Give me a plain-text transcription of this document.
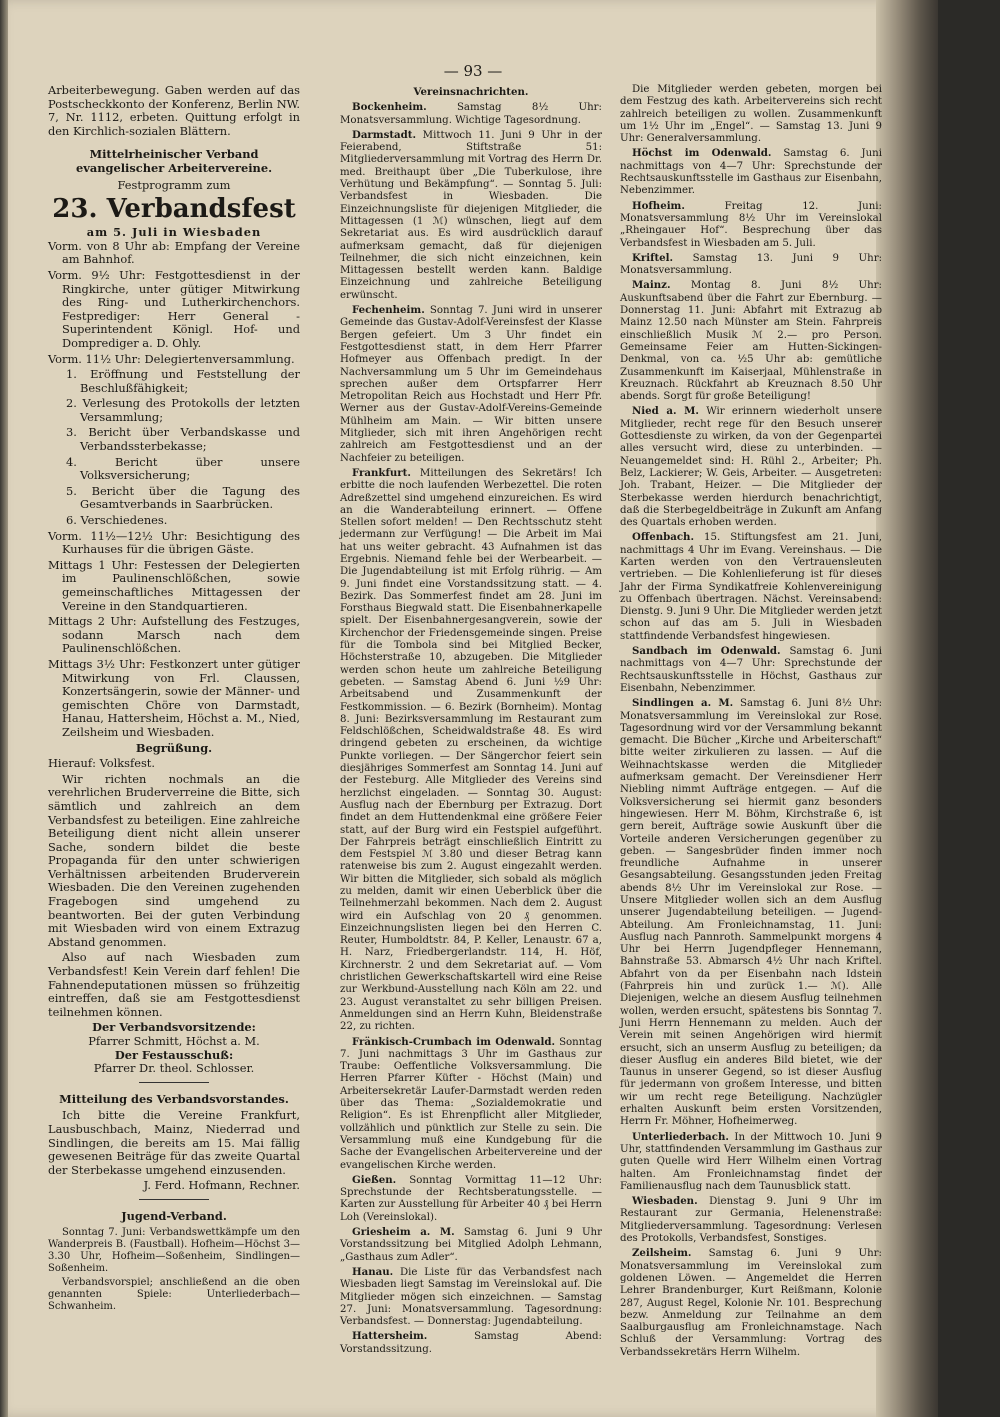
— 93 —

Arbeiterbewegung. Gaben werden auf das Postscheckkonto der Konferenz, Berlin NW. 7, Nr. 1112, erbeten. Quittung erfolgt in den Kirchlich-sozialen Blättern.

Mittelrheinischer Verband evangelischer Arbeitervereine.
Festprogramm zum
23. Verbandsfest
am 5. Juli in Wiesbaden

Vorm. von 8 Uhr ab: Empfang der Vereine am Bahnhof.

Vorm. 9½ Uhr: Festgottesdienst in der Ringkirche, unter gütiger Mitwirkung des Ring- und Lutherkirchenchors. Festprediger: Herr General - Superintendent Königl. Hof- und Domprediger a. D. Ohly.

Vorm. 11½ Uhr: Delegiertenversammlung.

1. Eröffnung und Feststellung der Beschlußfähigkeit;

2. Verlesung des Protokolls der letzten Versammlung;

3. Bericht über Verbandskasse und Verbandssterbekasse;

4. Bericht über unsere Volksversicherung;

5. Bericht über die Tagung des Gesamtverbands in Saarbrücken.

6. Verschiedenes.

Vorm. 11½—12½ Uhr: Besichtigung des Kurhauses für die übrigen Gäste.

Mittags 1 Uhr: Festessen der Delegierten im Paulinenschlößchen, sowie gemeinschaftliches Mittagessen der Vereine in den Standquartieren.

Mittags 2 Uhr: Aufstellung des Festzuges, sodann Marsch nach dem Paulinenschlößchen.

Mittags 3½ Uhr: Festkonzert unter gütiger Mitwirkung von Frl. Claussen, Konzertsängerin, sowie der Männer- und gemischten Chöre von Darmstadt, Hanau, Hattersheim, Höchst a. M., Nied, Zeilsheim und Wiesbaden.

Begrüßung.

Hierauf: Volksfest.

Wir richten nochmals an die verehrlichen Bruderverreine die Bitte, sich sämtlich und zahlreich an dem Verbandsfest zu beteiligen. Eine zahlreiche Beteiligung dient nicht allein unserer Sache, sondern bildet die beste Propaganda für den unter schwierigen Verhältnissen arbeitenden Bruderverein Wiesbaden. Die den Vereinen zugehenden Fragebogen sind umgehend zu beantworten. Bei der guten Verbindung mit Wiesbaden wird von einem Extrazug Abstand genommen.

Also auf nach Wiesbaden zum Verbandsfest! Kein Verein darf fehlen! Die Fahnendeputationen müssen so frühzeitig eintreffen, daß sie am Festgottesdienst teilnehmen können.

Der Verbandsvorsitzende:
Pfarrer Schmitt, Höchst a. M.
Der Festausschuß:
Pfarrer Dr. theol. Schlosser.
Mitteilung des Verbandsvorstandes.

Ich bitte die Vereine Frankfurt, Lausbuschbach, Mainz, Niederrad und Sindlingen, die bereits am 15. Mai fällig gewesenen Beiträge für das zweite Quartal der Sterbekasse umgehend einzusenden.

J. Ferd. Hofmann, Rechner.

Jugend-Verband.

Sonntag 7. Juni: Verbandswettkämpfe um den Wanderpreis B. (Faustball). Hofheim—Höchst 3—3.30 Uhr, Hofheim—Soßenheim, Sindlingen—Soßenheim.

Verbandsvorspiel; anschließend an die oben genannten Spiele: Unterliederbach—Schwanheim.

Vereinsnachrichten.

Bockenheim.	Samstag 8½ Uhr: Monatsversammlung. Wichtige Tagesordnung.

Darmstadt. Mittwoch 11. Juni 9 Uhr in der Feierabend, Stiftstraße 51: Mitgliederversammlung mit Vortrag des Herrn Dr. med. Breithaupt über „Die Tuberkulose, ihre Verhütung und Bekämpfung“. — Sonntag 5. Juli: Verbandsfest in Wiesbaden. Die Einzeichnungsliste für diejenigen Mitglieder, die Mittagessen (1 ℳ) wünschen, liegt auf dem Sekretariat aus. Es wird ausdrücklich darauf aufmerksam gemacht, daß für diejenigen Teilnehmer, die sich nicht einzeichnen, kein Mittagessen bestellt werden kann. Baldige Einzeichnung und zahlreiche Beteiligung erwünscht.

Fechenheim. Sonntag 7. Juni wird in unserer Gemeinde das Gustav-Adolf-Vereinsfest der Klasse Bergen gefeiert. Um 3 Uhr findet ein Festgottesdienst statt, in dem Herr Pfarrer Hofmeyer aus Offenbach predigt. In der Nachversammlung um 5 Uhr im Gemeindehaus sprechen außer dem Ortspfarrer Herr Metropolitan Reich aus Hochstadt und Herr Pfr. Werner aus der Gustav-Adolf-Vereins-Gemeinde Mühlheim am Main. — Wir bitten unsere Mitglieder, sich mit ihren Angehörigen recht zahlreich am Festgottesdienst und an der Nachfeier zu beteiligen.

Frankfurt. Mitteilungen des Sekretärs! Ich erbitte die noch laufenden Werbezettel. Die roten Adreßzettel sind umgehend einzureichen. Es wird an die Wanderabteilung erinnert. — Offene Stellen sofort melden! — Den Rechtsschutz steht jedermann zur Verfügung! — Die Arbeit im Mai hat uns weiter gebracht. 43 Aufnahmen ist das Ergebnis. Niemand fehle bei der Werbearbeit. — Die Jugendabteilung ist mit Erfolg rührig. — Am 9. Juni findet eine Vorstandssitzung statt. — 4. Bezirk. Das Sommerfest findet am 28. Juni im Forsthaus Biegwald statt. Die Eisenbahnerkapelle spielt. Der Eisenbahnergesangverein, sowie der Kirchenchor der Friedensgemeinde singen. Preise für die Tombola sind bei Mitglied Becker, Höchsterstraße 10, abzugeben. Die Mitglieder werden schon heute um zahlreiche Beteiligung gebeten. — Samstag Abend 6. Juni ½9 Uhr: Arbeitsabend und Zusammenkunft der Festkommission. — 6. Bezirk (Bornheim). Montag 8. Juni: Bezirksversammlung im Restaurant zum Feldschlößchen, Scheidwaldstraße 48. Es wird dringend gebeten zu erscheinen, da wichtige Punkte vorliegen. — Der Sängerchor feiert sein diesjähriges Sommerfest am Sonntag 14. Juni auf der Festeburg. Alle Mitglieder des Vereins sind herzlichst eingeladen. — Sonntag 30. August: Ausflug nach der Ebernburg per Extrazug. Dort findet an dem Huttendenkmal eine größere Feier statt, auf der Burg wird ein Festspiel aufgeführt. Der Fahrpreis beträgt einschließlich Eintritt zu dem Festspiel ℳ 3.80 und dieser Betrag kann ratenweise bis zum 2. August eingezahlt werden. Wir bitten die Mitglieder, sich sobald als möglich zu melden, damit wir einen Ueberblick über die Teilnehmerzahl bekommen. Nach dem 2. August wird ein Aufschlag von 20 ₰ genommen. Einzeichnungslisten liegen bei den Herren C. Reuter, Humboldtstr. 84, P. Keller, Lenaustr. 67 a, H. Narz, Friedbergerlandstr. 114, H. Höf, Kirchnerstr. 2 und dem Sekretariat auf. — Vom christlichen Gewerkschaftskartell wird eine Reise zur Werkbund-Ausstellung nach Köln am 22. und 23. August veranstaltet zu sehr billigen Preisen. Anmeldungen sind an Herrn Kuhn, Bleidenstraße 22, zu richten.

Fränkisch-Crumbach im Odenwald. Sonntag 7. Juni nachmittags 3 Uhr im Gasthaus zur Traube: Oeffentliche Volksversammlung. Die Herren Pfarrer Küfter - Höchst (Main) und Arbeitersekretär Laufer-Darmstadt werden reden über das Thema: „Sozialdemokratie und Religion“. Es ist Ehrenpflicht aller Mitglieder, vollzählich und pünktlich zur Stelle zu sein. Die Versammlung muß eine Kundgebung für die Sache der Evangelischen Arbeitervereine und der evangelischen Kirche werden.

Gießen. Sonntag Vormittag 11—12 Uhr: Sprechstunde der Rechtsberatungsstelle. — Karten zur Ausstellung für Arbeiter 40 ₰ bei Herrn Loh (Vereinslokal).

Griesheim a. M. Samstag 6. Juni 9 Uhr Vorstandssitzung bei Mitglied Adolph Lehmann, „Gasthaus zum Adler“.

Hanau. Die Liste für das Verbandsfest nach Wiesbaden liegt Samstag im Vereinslokal auf. Die Mitglieder mögen sich einzeichnen. — Samstag 27. Juni: Monatsversammlung. Tagesordnung: Verbandsfest. — Donnerstag: Jugendabteilung.

Hattersheim.	Samstag Abend: Vorstandssitzung.

Die Mitglieder werden gebeten, morgen bei dem Festzug des kath. Arbeitervereins sich recht zahlreich beteiligen zu wollen. Zusammenkunft um 1½ Uhr im „Engel“. — Samstag 13. Juni 9 Uhr: Generalversammlung.

Höchst im Odenwald. Samstag 6. Juni nachmittags von 4—7 Uhr: Sprechstunde der Rechtsauskunftsstelle im Gasthaus zur Eisenbahn, Nebenzimmer.

Hofheim.	Freitag 12. Juni: Monatsversammlung 8½ Uhr im Vereinslokal „Rheingauer Hof“. Besprechung über das Verbandsfest in Wiesbaden am 5. Juli.

Kriftel. Samstag 13. Juni 9 Uhr: Monatsversammlung.

Mainz. Montag 8. Juni 8½ Uhr: Auskunftsabend über die Fahrt zur Ebernburg. — Donnerstag 11. Juni: Abfahrt mit Extrazug ab Mainz 12.50 nach Münster am Stein. Fahrpreis einschließlich Musik ℳ 2.— pro Person. Gemeinsame Feier am Hutten-Sickingen-Denkmal, von ca. ½5 Uhr ab: gemütliche Zusammenkunft im Kaiserjaal, Mühlenstraße in Kreuznach. Rückfahrt ab Kreuznach 8.50 Uhr abends. Sorgt für große Beteiligung!

Nied a. M. Wir erinnern wiederholt unsere Mitglieder, recht rege für den Besuch unserer Gottesdienste zu wirken, da von der Gegenpartei alles versucht wird, diese zu unterbinden. — Neuangemeldet sind: H. Rühl 2., Arbeiter; Ph. Belz, Lackierer; W. Geis, Arbeiter. — Ausgetreten: Joh. Trabant, Heizer. — Die Mitglieder der Sterbekasse werden hierdurch benachrichtigt, daß die Sterbegeldbeiträge in Zukunft am Anfang des Quartals erhoben werden.

Offenbach. 15. Stiftungsfest am 21. Juni, nachmittags 4 Uhr im Evang. Vereinshaus. — Die Karten werden von den Vertrauensleuten vertrieben. — Die Kohlenlieferung ist für dieses Jahr der Firma Syndikatfreie Kohlenvereinigung zu Offenbach übertragen. Nächst. Vereinsabend: Dienstg. 9. Juni 9 Uhr. Die Mitglieder werden jetzt schon auf das am 5. Juli in Wiesbaden stattfindende Verbandsfest hingewiesen.

Sandbach im Odenwald. Samstag 6. Juni nachmittags von 4—7 Uhr: Sprechstunde der Rechtsauskunftsstelle in Höchst, Gasthaus zur Eisenbahn, Nebenzimmer.

Sindlingen a. M. Samstag 6. Juni 8½ Uhr: Monatsversammlung im Vereinslokal zur Rose. Tagesordnung wird vor der Versammlung bekannt gemacht. Die Bücher „Kirche und Arbeiterschaft“ bitte weiter zirkulieren zu lassen. — Auf die Weihnachtskasse werden die Mitglieder aufmerksam gemacht. Der Vereinsdiener Herr Niebling nimmt Aufträge entgegen. — Auf die Volksversicherung sei hiermit ganz besonders hingewiesen. Herr M. Böhm, Kirchstraße 6, ist gern bereit, Aufträge sowie Auskunft über die Vorteile anderen Versicherungen gegenüber zu geben. — Sangesbrüder finden immer noch freundliche Aufnahme in unserer Gesangsabteilung. Gesangsstunden jeden Freitag abends 8½ Uhr im Vereinslokal zur Rose. — Unsere Mitglieder wollen sich an dem Ausflug unserer Jugendabteilung beteiligen. — Jugend-Abteilung. Am Fronleichnamstag, 11. Juni: Ausflug nach Pannroth. Sammelpunkt morgens 4 Uhr bei Herrn Jugendpfleger Hennemann, Bahnstraße 53. Abmarsch 4½ Uhr nach Kriftel. Abfahrt von da per Eisenbahn nach Idstein (Fahrpreis hin und zurück 1.— ℳ). Alle Diejenigen, welche an diesem Ausflug teilnehmen wollen, werden ersucht, spätestens bis Sonntag 7. Juni Herrn Hennemann zu melden. Auch der Verein mit seinen Angehörigen wird hiermit ersucht, sich an unserm Ausflug zu beteiligen; da dieser Ausflug ein anderes Bild bietet, wie der Taunus in unserer Gegend, so ist dieser Ausflug für jedermann von großem Interesse, und bitten wir um recht rege Beteiligung. Nachzügler erhalten Auskunft beim ersten Vorsitzenden, Herrn Fr. Möhner, Hofheimerweg.

Unterliederbach. In der Mittwoch 10. Juni 9 Uhr, stattfindenden Versammlung im Gasthaus zur guten Quelle wird Herr Wilhelm einen Vortrag halten. Am Fronleichnamstag findet der Familienausflug nach dem Taunusblick statt.

Wiesbaden. Dienstag 9. Juni 9 Uhr im Restaurant zur Germania, Helenenstraße: Mitgliederversammlung. Tagesordnung: Verlesen des Protokolls, Verbandsfest, Sonstiges.

Zeilsheim. Samstag 6. Juni 9 Uhr: Monatsversammlung im Vereinslokal zum goldenen Löwen. — Angemeldet die Herren Lehrer Brandenburger, Kurt Reißmann, Kolonie 287, August Regel, Kolonie Nr. 101. Besprechung bezw. Anmeldung zur Teilnahme an dem Saalburgausflug am Fronleichnamstage. Nach Schluß der Versammlung: Vortrag des Verbandssekretärs Herrn Wilhelm.
